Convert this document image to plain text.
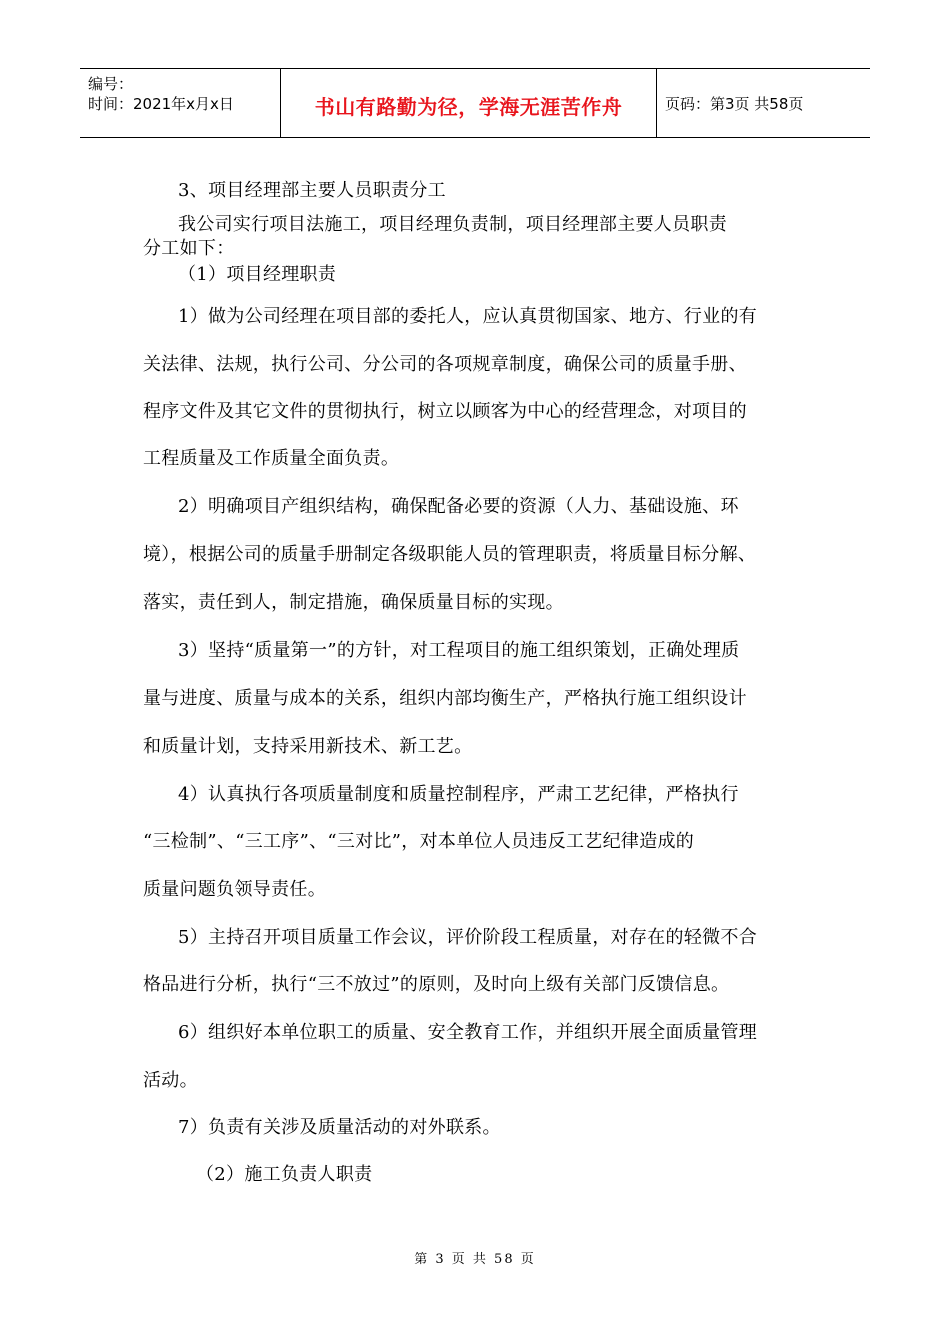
编号：
时间：2021年x月x日	书山有路勤为径，学海无涯苦作舟	页码：第3页 共58页
3、项目经理部主要人员职责分工
我公司实行项目法施工，项目经理负责制，项目经理部主要人员职责
分工如下：
（1）项目经理职责
1）做为公司经理在项目部的委托人，应认真贯彻国家、地方、行业的有
关法律、法规，执行公司、分公司的各项规章制度，确保公司的质量手册、
程序文件及其它文件的贯彻执行，树立以顾客为中心的经营理念，对项目的
工程质量及工作质量全面负责。
2）明确项目产组织结构，确保配备必要的资源（人力、基础设施、环
境），根据公司的质量手册制定各级职能人员的管理职责，将质量目标分解、
落实，责任到人，制定措施，确保质量目标的实现。
3）坚持“质量第一”的方针，对工程项目的施工组织策划，正确处理质
量与进度、质量与成本的关系，组织内部均衡生产，严格执行施工组织设计
和质量计划，支持采用新技术、新工艺。
4）认真执行各项质量制度和质量控制程序，严肃工艺纪律，严格执行
“三检制”、“三工序”、“三对比”，对本单位人员违反工艺纪律造成的
质量问题负领导责任。
5）主持召开项目质量工作会议，评价阶段工程质量，对存在的轻微不合
格品进行分析，执行“三不放过”的原则，及时向上级有关部门反馈信息。
6）组织好本单位职工的质量、安全教育工作，并组织开展全面质量管理
活动。
7）负责有关涉及质量活动的对外联系。
（2）施工负责人职责
第 3 页 共 58 页
